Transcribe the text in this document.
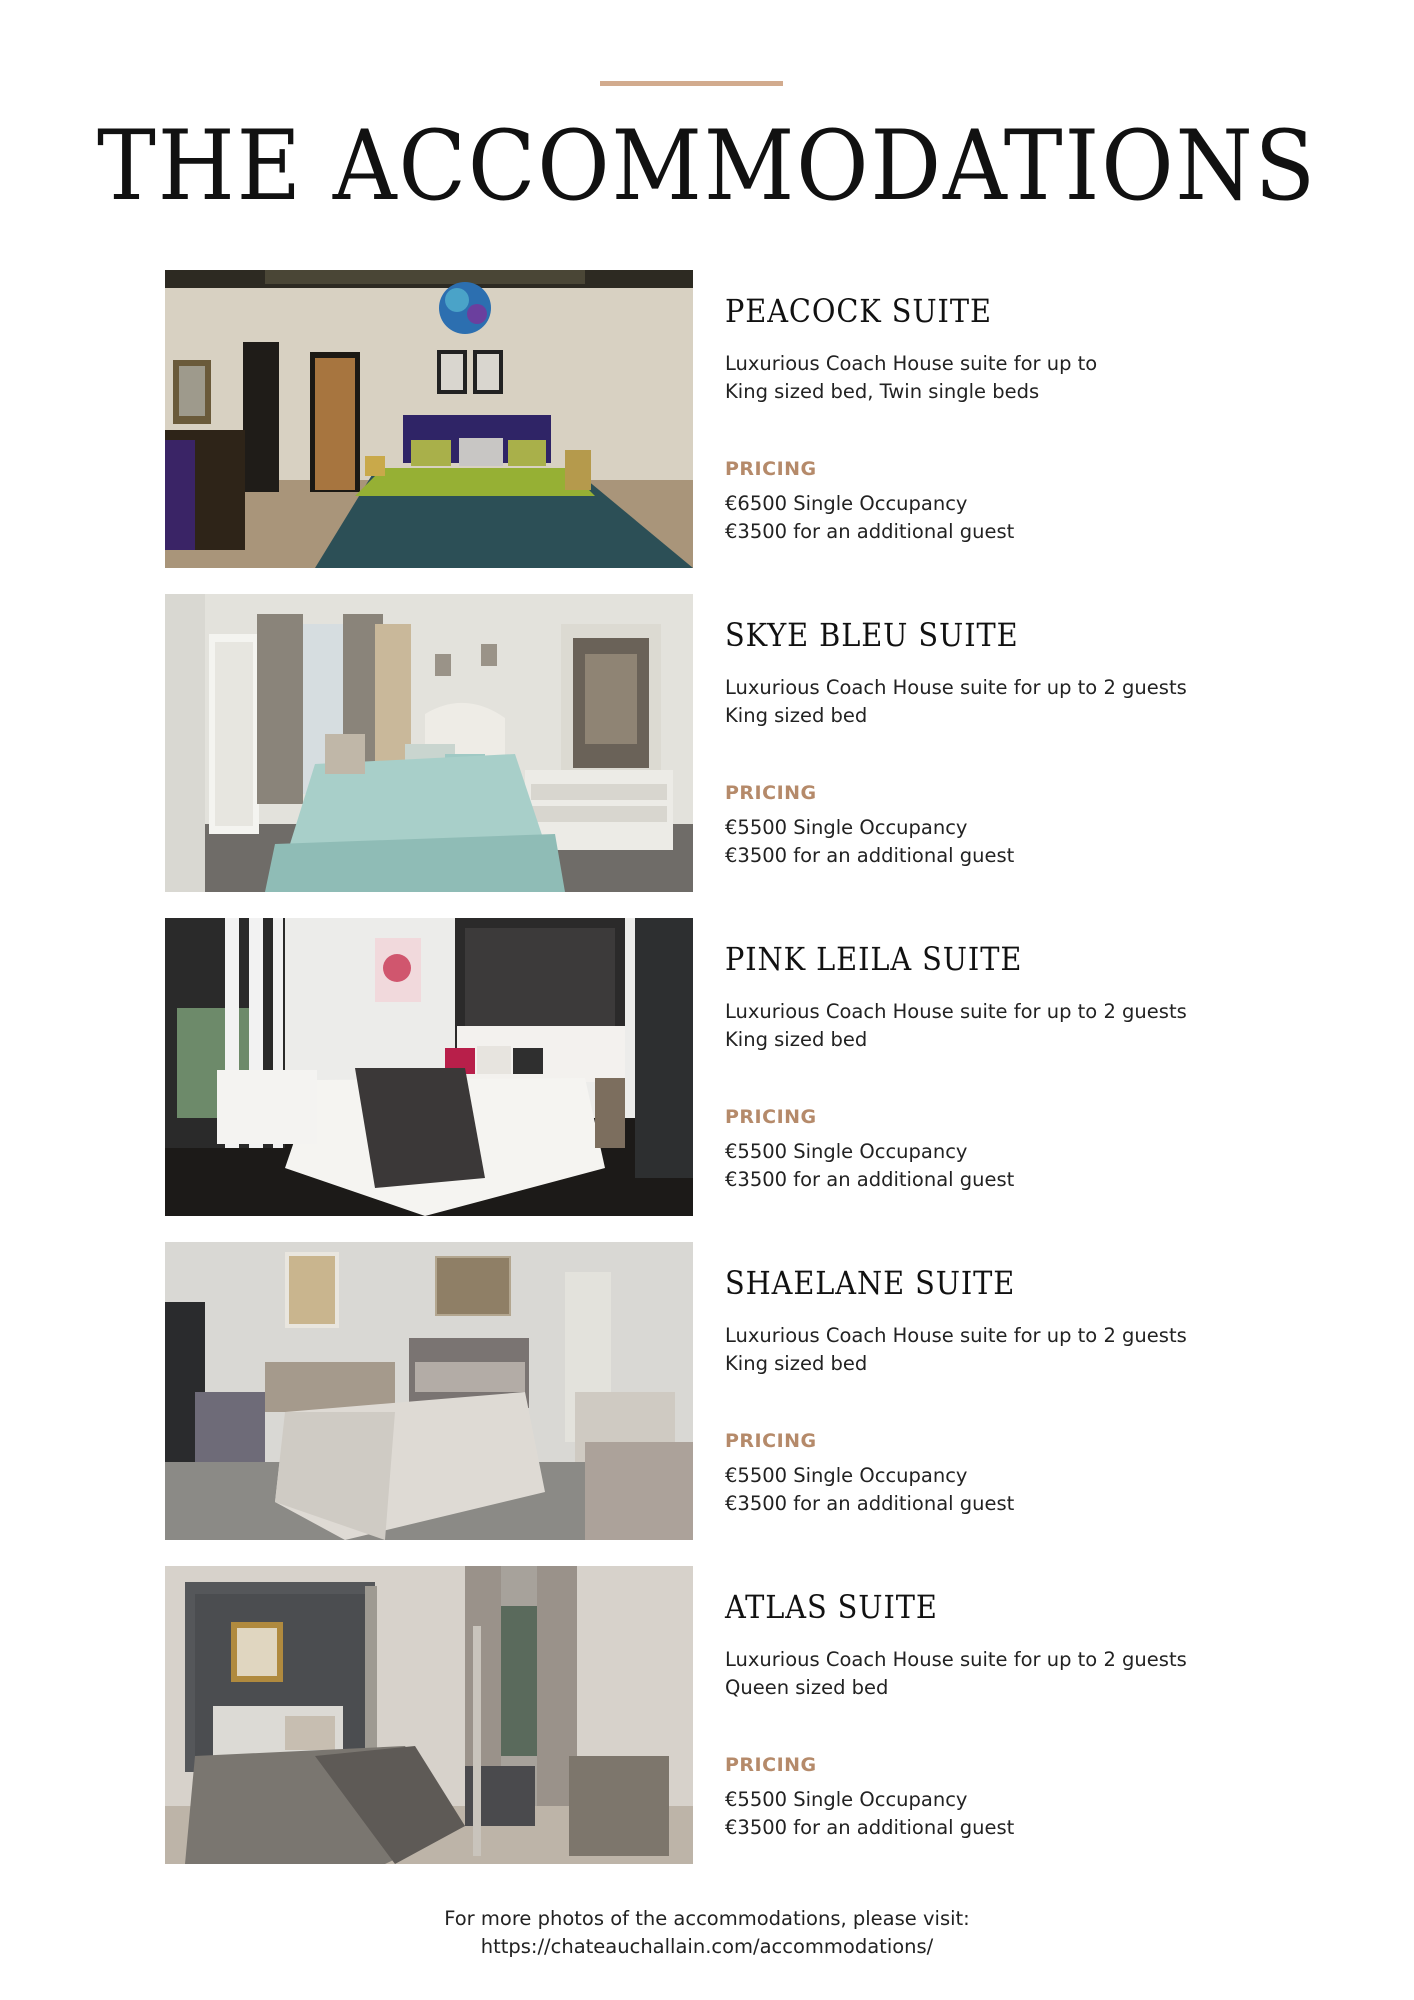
THE ACCOMMODATIONS
PEACOCK SUITE
Luxurious Coach House suite for up to
King sized bed, Twin single beds
PRICING
€6500 Single Occupancy
€3500 for an additional guest
SKYE BLEU SUITE
Luxurious Coach House suite for up to 2 guests
King sized bed
PRICING
€5500 Single Occupancy
€3500 for an additional guest
PINK LEILA SUITE
Luxurious Coach House suite for up to 2 guests
King sized bed
PRICING
€5500 Single Occupancy
€3500 for an additional guest
SHAELANE SUITE
Luxurious Coach House suite for up to 2 guests
King sized bed
PRICING
€5500 Single Occupancy
€3500 for an additional guest
ATLAS SUITE
Luxurious Coach House suite for up to 2 guests
Queen sized bed
PRICING
€5500 Single Occupancy
€3500 for an additional guest
For more photos of the accommodations, please visit:
https://chateauchallain.com/accommodations/
